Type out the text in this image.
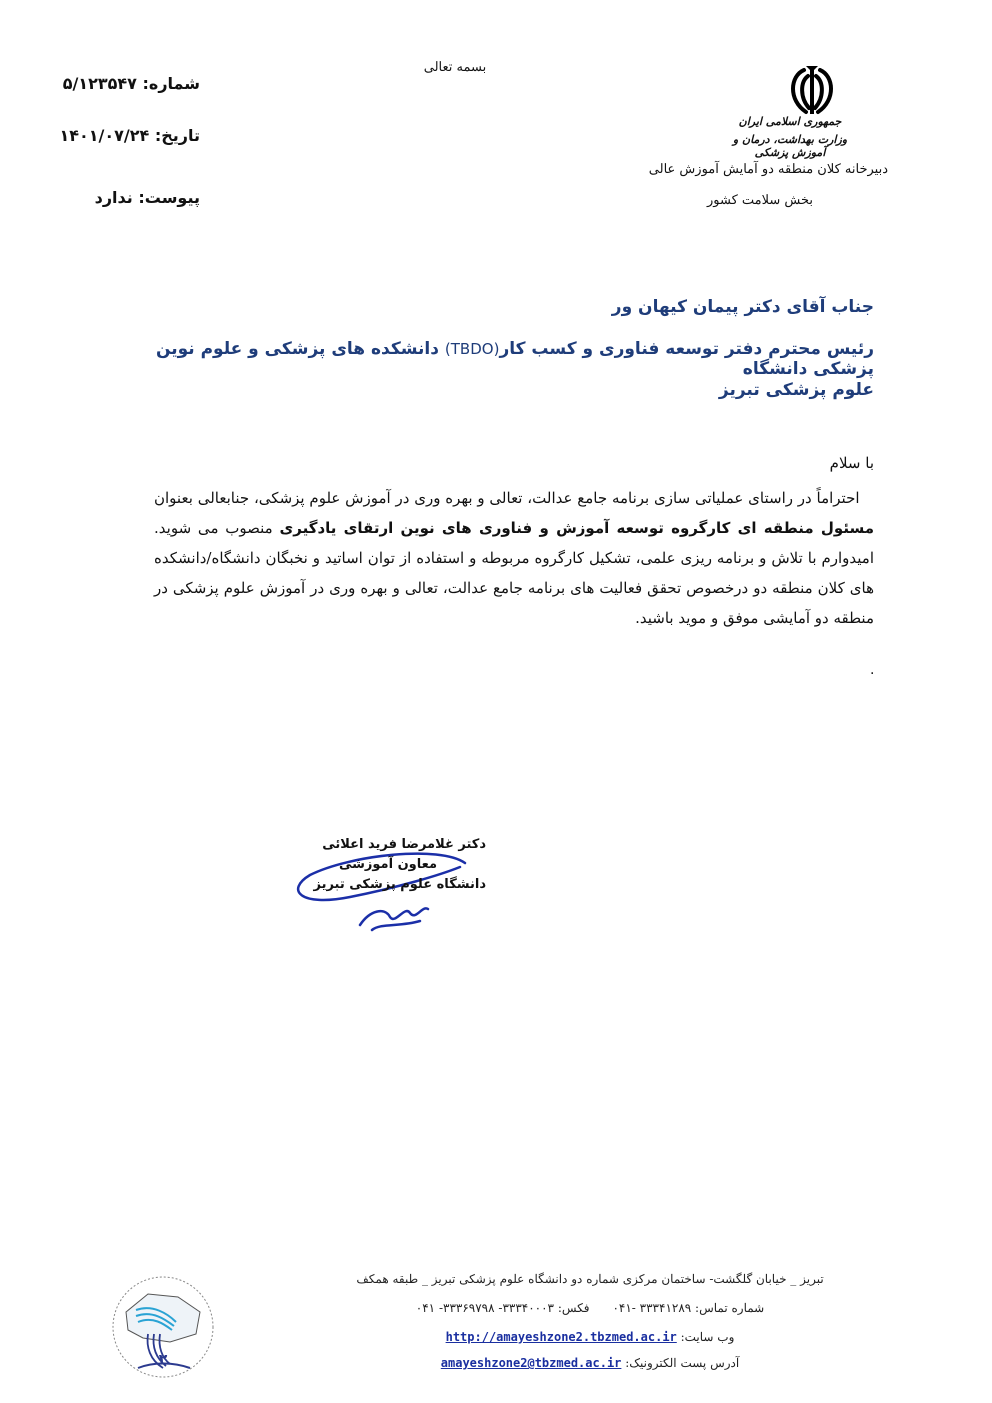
بسمه تعالی
شماره: ۵/۱۲۳۵۴۷
تاریخ: ۱۴۰۱/۰۷/۲۴
پیوست: ندارد
جمهوری اسلامی ایران
وزارت بهداشت، درمان و آموزش پزشکی
دبیرخانه کلان منطقه دو آمایش آموزش عالی
بخش سلامت کشور
جناب آقای دکتر پیمان کیهان ور
رئیس محترم دفتر توسعه فناوری و کسب کار(TBDO) دانشکده های پزشکی و علوم نوین پزشکی دانشگاه
علوم پزشکی تبریز
با سلام
احتراماً در راستای عملیاتی سازی برنامه جامع عدالت، تعالی و بهره وری در آموزش علوم پزشکی، جنابعالی بعنوان مسئول منطقه ای کارگروه توسعه آموزش و فناوری های نوین ارتقای یادگیری منصوب می شوید. امیدوارم با تلاش و برنامه ریزی علمی، تشکیل کارگروه مربوطه و استفاده از توان اساتید و نخبگان دانشگاه/دانشکده های کلان منطقه دو درخصوص تحقق فعالیت های برنامه جامع عدالت، تعالی و بهره وری در آموزش علوم پزشکی در منطقه دو آمایشی موفق و موید باشید.
.
دکتر غلامرضا فرید اعلائی
معاون آموزشی
دانشگاه علوم پزشکی تبریز
۲
تبریز _ خیابان گلگشت- ساختمان مرکزی شماره دو دانشگاه علوم پزشکی تبریز _ طبقه همکف
شماره تماس: ۳۳۳۴۱۲۸۹ -۰۴۱      فکس: ۳۳۳۴۰۰۰۳- ۳۳۳۶۹۷۹۸- ۰۴۱
وب سایت: http://amayeshzone2.tbzmed.ac.ir
آدرس پست الکترونیک: amayeshzone2@tbzmed.ac.ir
